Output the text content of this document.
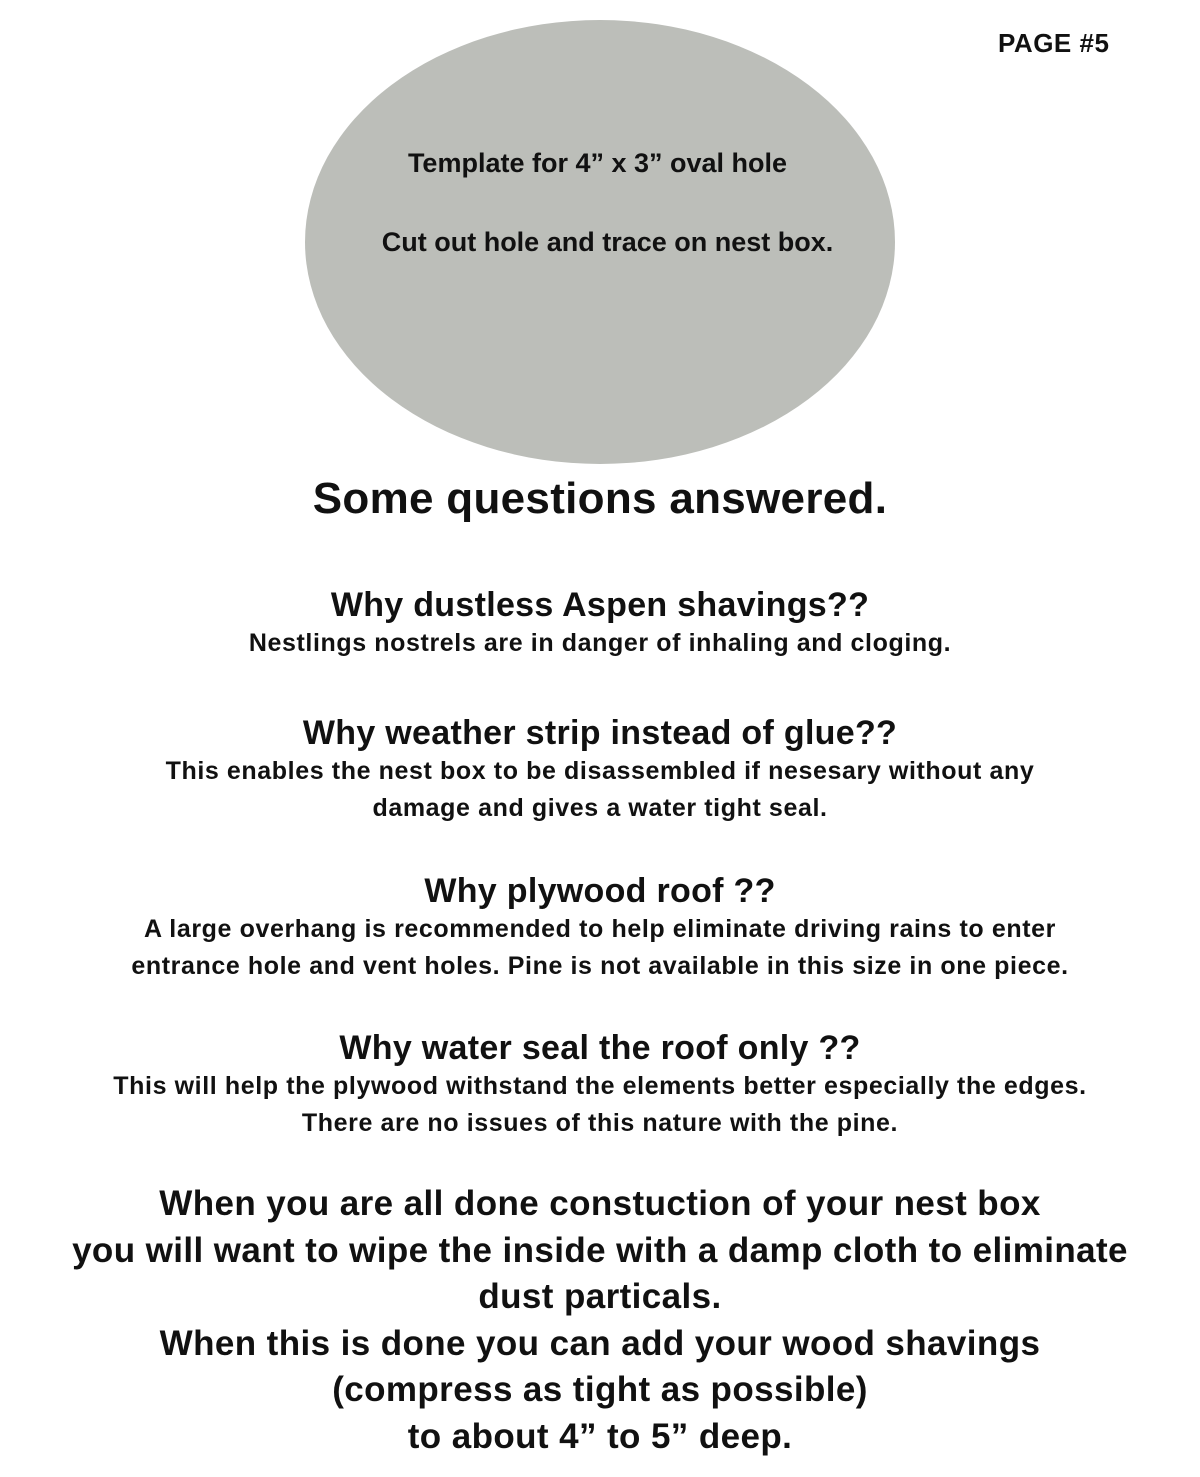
PAGE #5
Template for 4” x 3” oval hole
Cut out hole and trace on nest box.
Some questions answered.
Why dustless Aspen shavings??
Nestlings nostrels are in danger of inhaling and cloging.
Why weather strip instead of glue??
This enables the nest box to be disassembled if nesesary without any
damage and gives a water tight seal.
Why plywood roof ??
A large overhang is recommended to help eliminate driving rains to enter
entrance hole and vent holes. Pine is not available in this size in one piece.
Why water seal the roof only ??
This will help the plywood withstand the elements better especially the edges.
There are no issues of this nature with the pine.
When you are all done constuction of your nest box
you will want to wipe the inside with a damp cloth to eliminate
dust particals.
When this is done you can add your wood shavings
(compress as tight as possible)
to about 4” to 5” deep.
